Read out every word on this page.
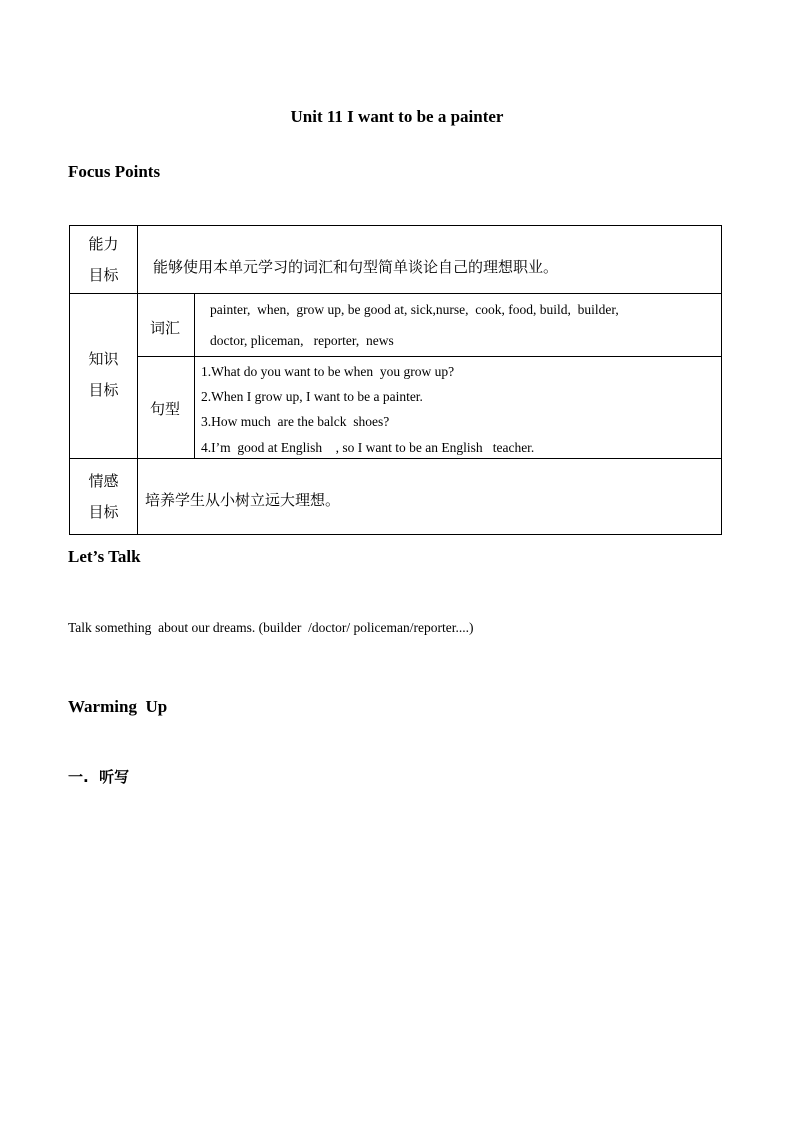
Unit 11 I want to be a painter
Focus Points
能力
目标	能够使用本单元学习的词汇和句型简单谈论自己的理想职业。
知识
目标
词汇
painter,  when,  grow up, be good at, sick,nurse,  cook, food, build,  builder,
doctor, pliceman,   reporter,  news
句型
1.What do you want to be when  you grow up?
2.When I grow up, I want to be a painter.
3.How much  are the balck  shoes?
4.I’m  good at English    , so I want to be an English   teacher.
情感
目标
培养学生从小树立远大理想。
Let’s Talk
Talk something  about our dreams. (builder  /doctor/ policeman/reporter....)
Warming  Up
一.  听写
